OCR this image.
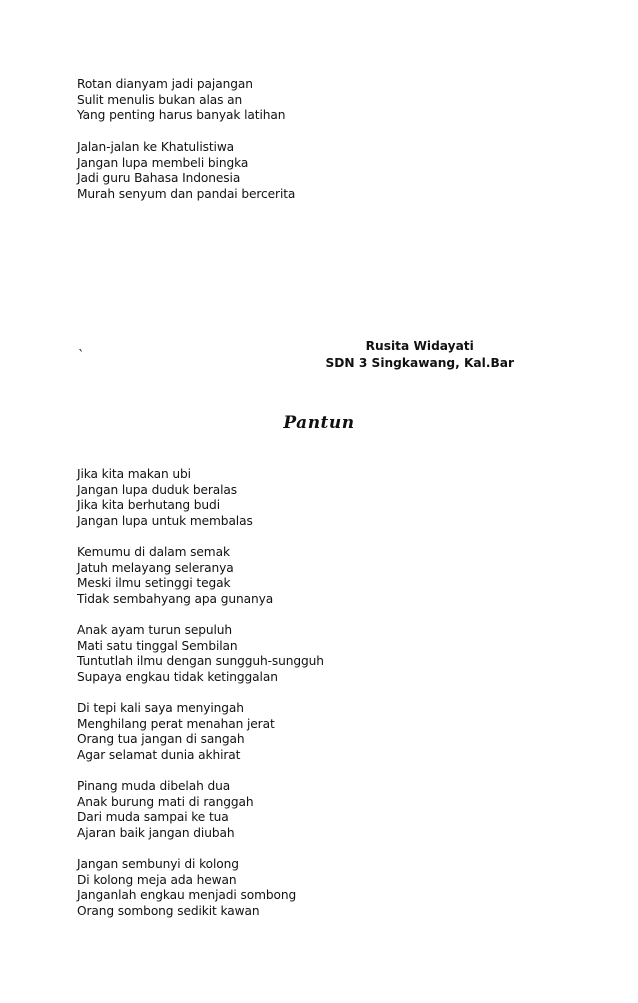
Rotan dianyam jadi pajangan
Sulit menulis bukan alas an
Yang penting harus banyak latihan
Jalan-jalan ke Khatulistiwa
Jangan lupa membeli bingka
Jadi guru Bahasa Indonesia
Murah senyum dan pandai bercerita
`
Rusita Widayati
SDN 3 Singkawang, Kal.Bar
Pantun
Jika kita makan ubi
Jangan lupa duduk beralas
Jika kita berhutang budi
Jangan lupa untuk membalas
Kemumu di dalam semak
Jatuh melayang seleranya
Meski ilmu setinggi tegak
Tidak sembahyang apa gunanya
Anak ayam turun sepuluh
Mati satu tinggal Sembilan
Tuntutlah ilmu dengan sungguh-sungguh
Supaya engkau tidak ketinggalan
Di tepi kali saya menyingah
Menghilang perat menahan jerat
Orang tua jangan di sangah
Agar selamat dunia akhirat
Pinang muda dibelah dua
Anak burung mati di ranggah
Dari muda sampai ke tua
Ajaran baik jangan diubah
Jangan sembunyi di kolong
Di kolong meja ada hewan
Janganlah engkau menjadi sombong
Orang sombong sedikit kawan
